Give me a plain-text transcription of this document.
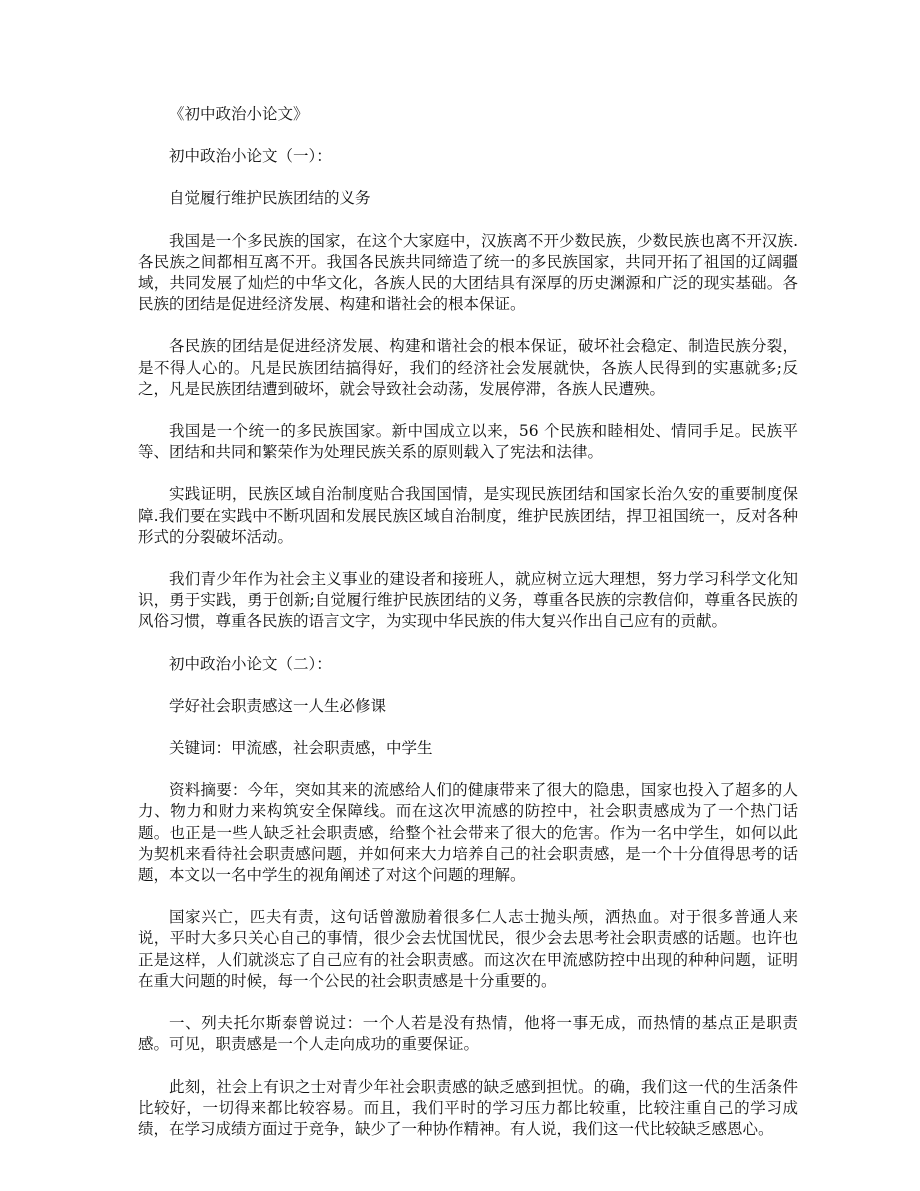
《初中政治小论文》

初中政治小论文（一）：

自觉履行维护民族团结的义务

我国是一个多民族的国家，在这个大家庭中，汉族离不开少数民族，少数民族也离不开汉族.各民族之间都相互离不开。我国各民族共同缔造了统一的多民族国家，共同开拓了祖国的辽阔疆域，共同发展了灿烂的中华文化，各族人民的大团结具有深厚的历史渊源和广泛的现实基础。各民族的团结是促进经济发展、构建和谐社会的根本保证。

各民族的团结是促进经济发展、构建和谐社会的根本保证，破坏社会稳定、制造民族分裂，是不得人心的。凡是民族团结搞得好，我们的经济社会发展就快，各族人民得到的实惠就多;反之，凡是民族团结遭到破坏，就会导致社会动荡，发展停滞，各族人民遭殃。

我国是一个统一的多民族国家。新中国成立以来，56 个民族和睦相处、情同手足。民族平等、团结和共同和繁荣作为处理民族关系的原则载入了宪法和法律。

实践证明，民族区域自治制度贴合我国国情，是实现民族团结和国家长治久安的重要制度保障.我们要在实践中不断巩固和发展民族区域自治制度，维护民族团结，捍卫祖国统一，反对各种形式的分裂破坏活动。

我们青少年作为社会主义事业的建设者和接班人，就应树立远大理想，努力学习科学文化知识，勇于实践，勇于创新;自觉履行维护民族团结的义务，尊重各民族的宗教信仰，尊重各民族的风俗习惯，尊重各民族的语言文字，为实现中华民族的伟大复兴作出自己应有的贡献。

初中政治小论文（二）：

学好社会职责感这一人生必修课

关键词：甲流感，社会职责感，中学生

资料摘要：今年，突如其来的流感给人们的健康带来了很大的隐患，国家也投入了超多的人力、物力和财力来构筑安全保障线。而在这次甲流感的防控中，社会职责感成为了一个热门话题。也正是一些人缺乏社会职责感，给整个社会带来了很大的危害。作为一名中学生，如何以此为契机来看待社会职责感问题，并如何来大力培养自己的社会职责感，是一个十分值得思考的话题，本文以一名中学生的视角阐述了对这个问题的理解。

国家兴亡，匹夫有责，这句话曾激励着很多仁人志士抛头颅，洒热血。对于很多普通人来说，平时大多只关心自己的事情，很少会去忧国忧民，很少会去思考社会职责感的话题。也许也正是这样，人们就淡忘了自己应有的社会职责感。而这次在甲流感防控中出现的种种问题，证明在重大问题的时候，每一个公民的社会职责感是十分重要的。

一、列夫托尔斯泰曾说过：一个人若是没有热情，他将一事无成，而热情的基点正是职责感。可见，职责感是一个人走向成功的重要保证。

此刻，社会上有识之士对青少年社会职责感的缺乏感到担忧。的确，我们这一代的生活条件比较好，一切得来都比较容易。而且，我们平时的学习压力都比较重，比较注重自己的学习成绩，在学习成绩方面过于竞争，缺少了一种协作精神。有人说，我们这一代比较缺乏感恩心。
